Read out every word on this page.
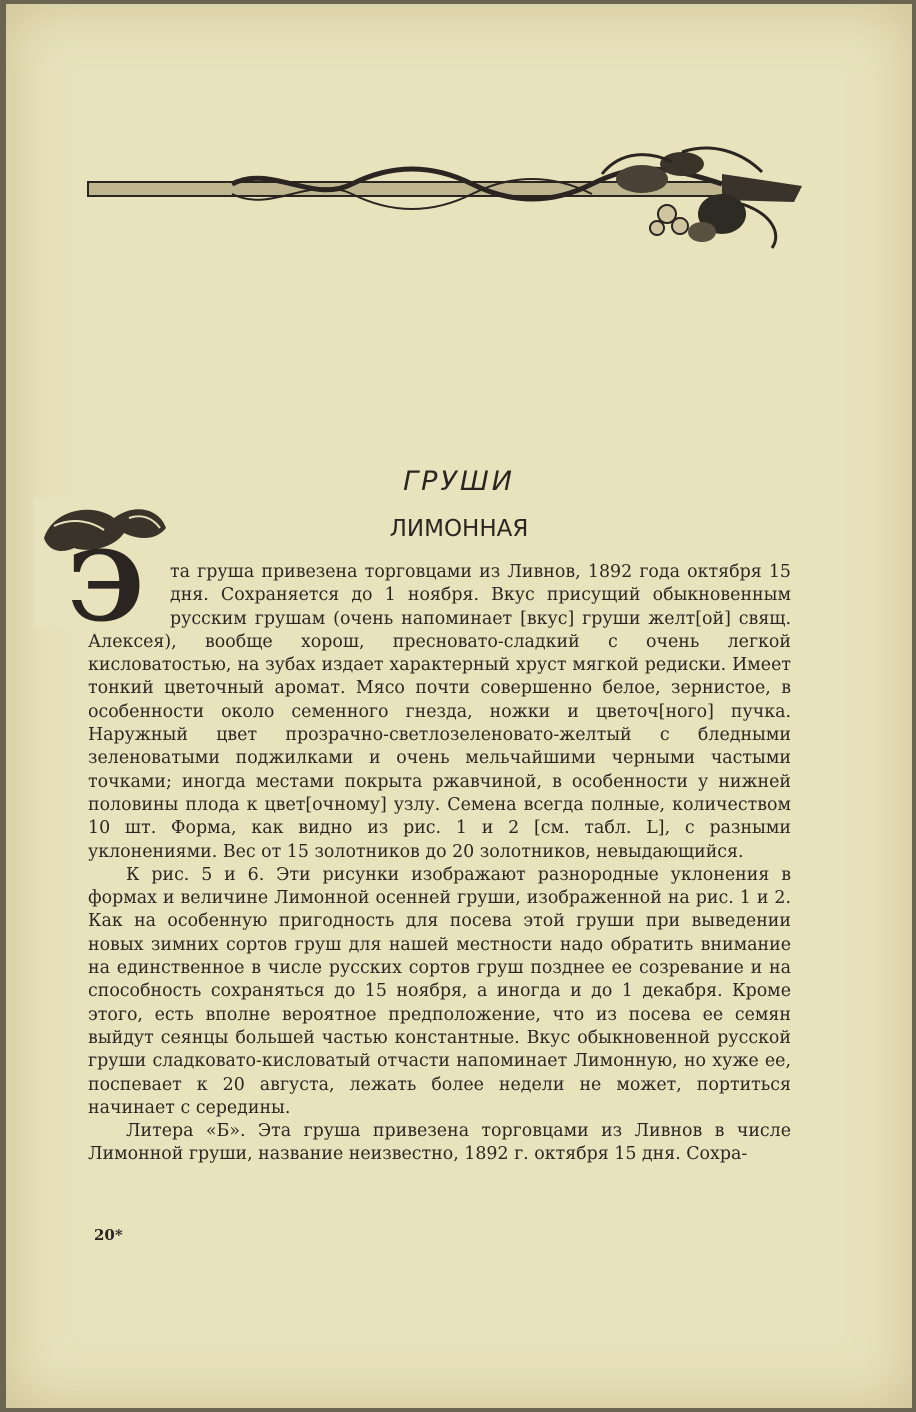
ГРУШИ
ЛИМОННАЯ
Э	та груша привезена торговцами из Ливнов, 1892 года октября 15 дня. Сохраняется до 1 ноября. Вкус присущий обыкновенным русским грушам (очень напоминает [вкус] груши желт[ой] свящ. Алексея), вообще хорош, пресновато-сладкий с очень легкой кисловатостью, на зубах издает характерный хруст мягкой редиски. Имеет тонкий цветочный аромат. Мясо почти совершенно белое, зернистое, в особенности около семенного гнезда, ножки и цветоч[ного] пучка. Наружный цвет прозрачно-светлозеленовато-желтый с бледными зеленоватыми поджилками и очень мельчайшими черными частыми точками; иногда местами покрыта ржавчиной, в особенности у нижней половины плода к цвет[очному] узлу. Семена всегда полные, количеством 10 шт. Форма, как видно из рис. 1 и 2 [см. табл. L], с разными уклонениями. Вес от 15 золотников до 20 золотников, невыдающийся.

К рис. 5 и 6. Эти рисунки изображают разнородные уклонения в формах и величине Лимонной осенней груши, изображенной на рис. 1 и 2. Как на особенную пригодность для посева этой груши при выведении новых зимних сортов груш для нашей местности надо обратить внимание на единственное в числе русских сортов груш позднее ее созревание и на способность сохраняться до 15 ноября, а иногда и до 1 декабря. Кроме этого, есть вполне вероятное предположение, что из посева ее семян выйдут сеянцы большей частью константные. Вкус обыкновенной русской груши сладковато-кисловатый отчасти напоминает Лимонную, но хуже ее, поспевает к 20 августа, лежать более недели не может, портиться начинает с середины.

Литера «Б». Эта груша привезена торговцами из Ливнов в числе Лимонной груши, название неизвестно, 1892 г. октября 15 дня. Сохра-

20*
